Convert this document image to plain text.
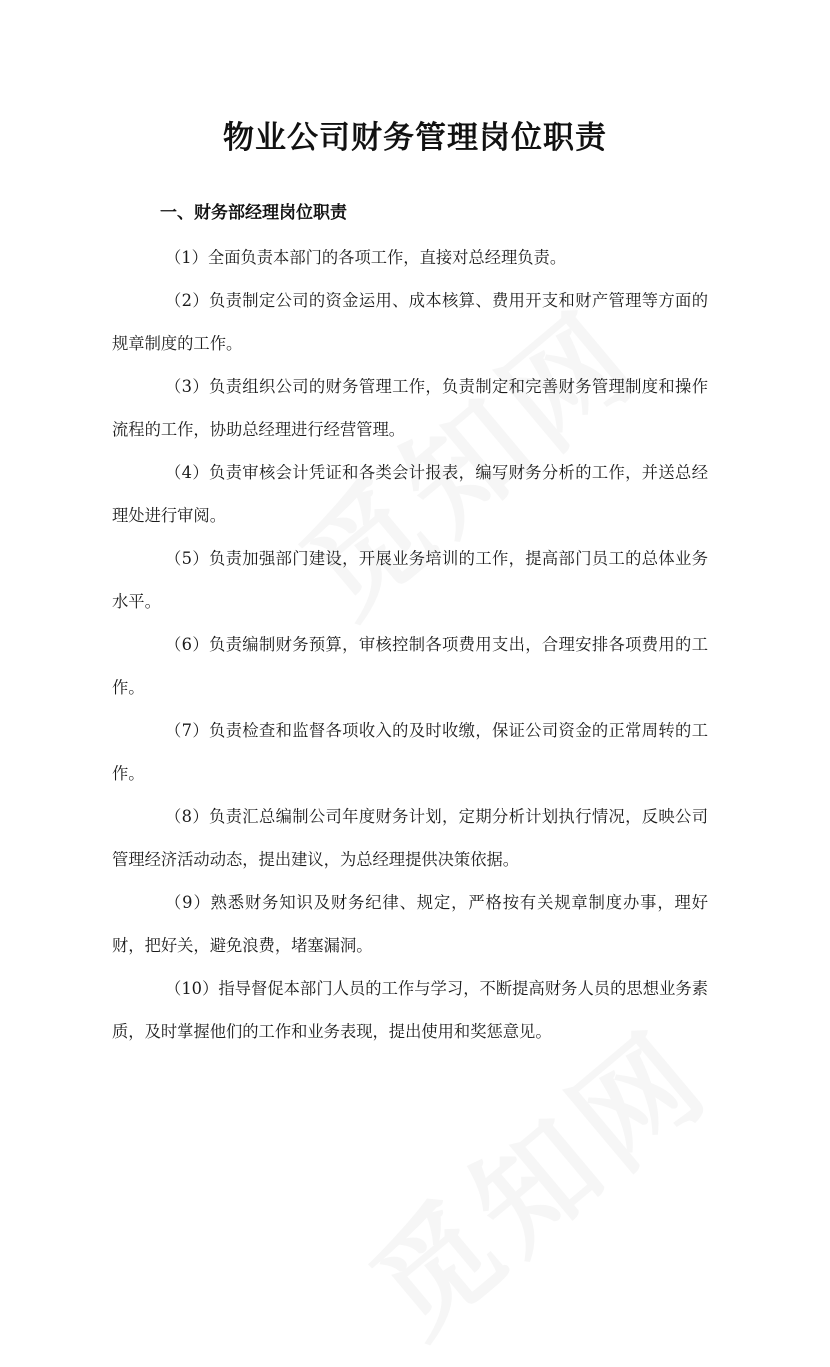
物业公司财务管理岗位职责
一、财务部经理岗位职责
（1）全面负责本部门的各项工作，直接对总经理负责。
（2）负责制定公司的资金运用、成本核算、费用开支和财产管理等方面的规章制度的工作。
（3）负责组织公司的财务管理工作，负责制定和完善财务管理制度和操作流程的工作，协助总经理进行经营管理。
（4）负责审核会计凭证和各类会计报表，编写财务分析的工作，并送总经理处进行审阅。
（5）负责加强部门建设，开展业务培训的工作，提高部门员工的总体业务水平。
（6）负责编制财务预算，审核控制各项费用支出，合理安排各项费用的工作。
（7）负责检查和监督各项收入的及时收缴，保证公司资金的正常周转的工作。
（8）负责汇总编制公司年度财务计划，定期分析计划执行情况，反映公司管理经济活动动态，提出建议，为总经理提供决策依据。
（9）熟悉财务知识及财务纪律、规定，严格按有关规章制度办事，理好财，把好关，避免浪费，堵塞漏洞。
（10）指导督促本部门人员的工作与学习，不断提高财务人员的思想业务素质，及时掌握他们的工作和业务表现，提出使用和奖惩意见。
